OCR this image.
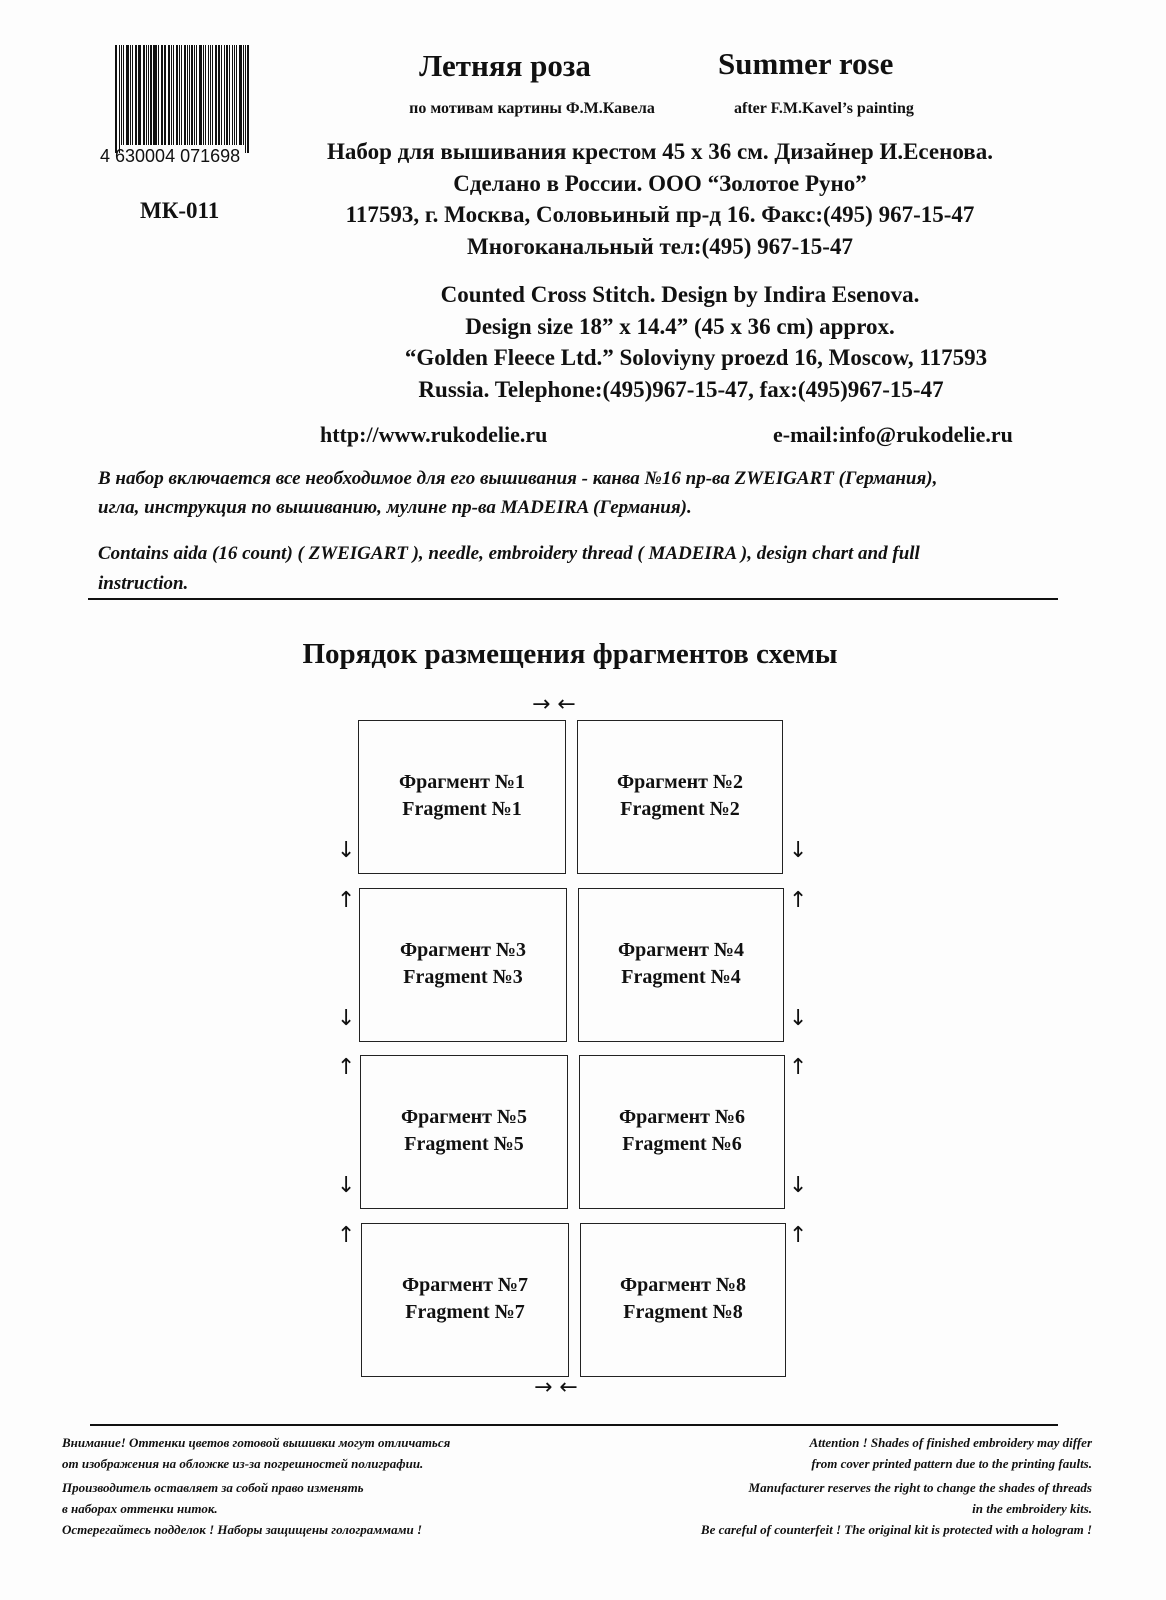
4 630004 071698
МК-011
Летняя роза	Summer rose
по мотивам картины Ф.М.Кавела	after F.M.Kavel’s painting
Набор для вышивания крестом 45 х 36 см. Дизайнер И.Есенова.
Сделано в России. ООО “Золотое Руно”
117593, г. Москва, Соловьиный пр-д 16. Факс:(495) 967-15-47
Многоканальный тел:(495) 967-15-47
Counted Cross Stitch. Design by Indira Esenova.
Design size 18” x 14.4” (45 x 36 cm) approx.
“Golden Fleece Ltd.” Soloviyny proezd 16, Moscow, 117593
Russia. Telephone:(495)967-15-47, fax:(495)967-15-47
http://www.rukodelie.ru	e-mail:info@rukodelie.ru
В набор включается все необходимое для его вышивания - канва №16 пр-ва ZWEIGART (Германия),
игла, инструкция по вышиванию, мулине пр-ва MADEIRA (Германия).
Contains aida (16 count) ( ZWEIGART ), needle, embroidery thread ( MADEIRA ), design chart and full
instruction.
Порядок размещения фрагментов схемы
Фрагмент №1
Fragment №1
Фрагмент №2
Fragment №2
Фрагмент №3
Fragment №3
Фрагмент №4
Fragment №4
Фрагмент №5
Fragment №5
Фрагмент №6
Fragment №6
Фрагмент №7
Fragment №7
Фрагмент №8
Fragment №8
→ ←
→ ←
↓	↓
↑	↑
↓	↓
↑	↑
↓	↓
↑	↑
Внимание! Оттенки цветов готовой вышивки могут отличаться
от изображения на обложке из-за погрешностей полиграфии.
Производитель оставляет за собой право изменять
в наборах оттенки ниток.
Остерегайтесь подделок ! Наборы защищены голограммами !
Attention ! Shades of finished embroidery may differ
from cover printed pattern due to the printing faults.
Manufacturer reserves the right to change the shades of threads
in the embroidery kits.
Be careful of counterfeit ! The original kit is protected with a hologram !
